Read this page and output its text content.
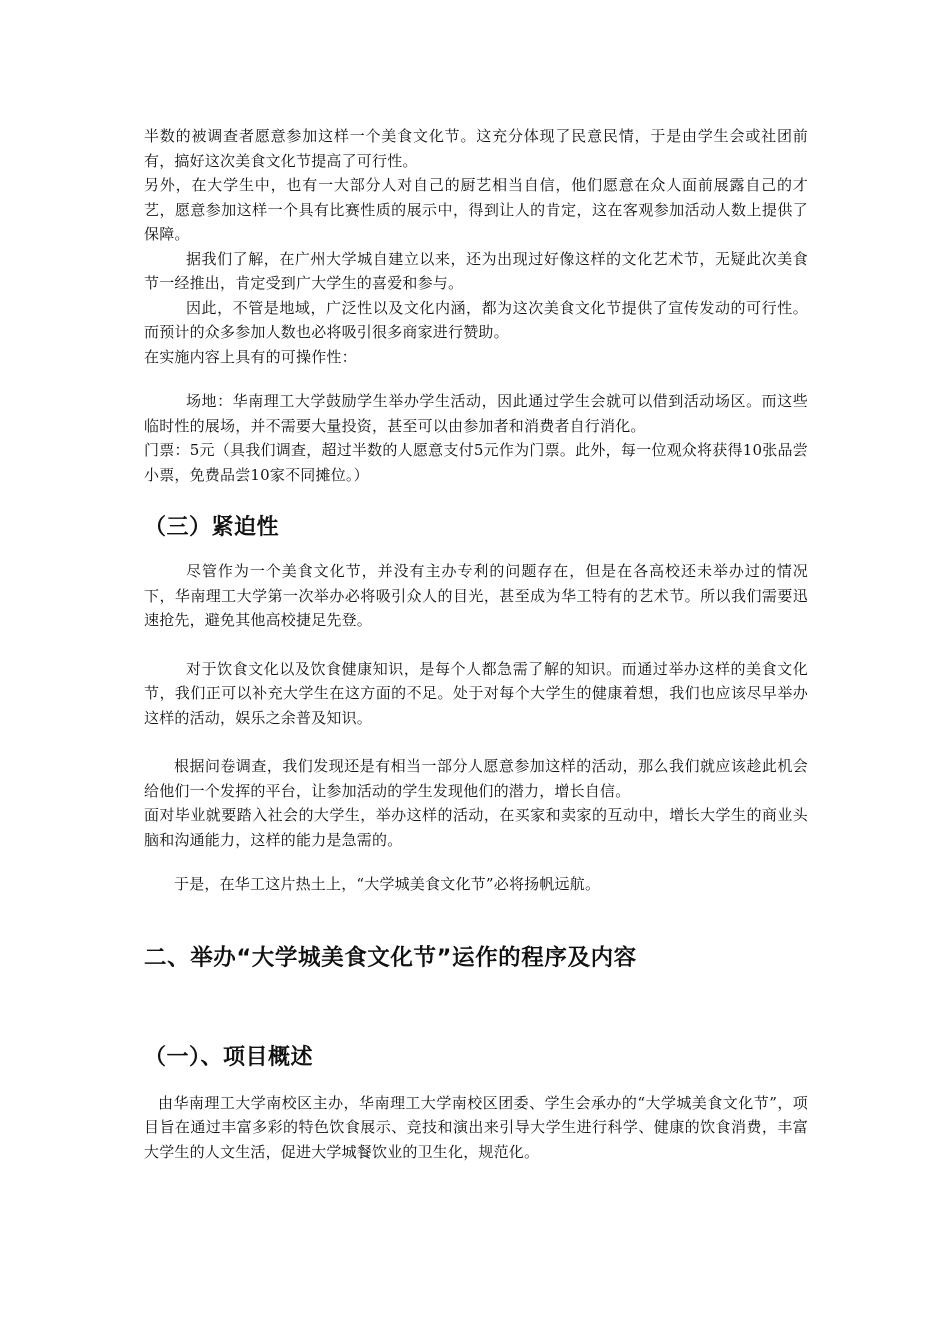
半数的被调查者愿意参加这样一个美食文化节。这充分体现了民意民情，于是由学生会或社团前有，搞好这次美食文化节提高了可行性。

另外，在大学生中，也有一大部分人对自己的厨艺相当自信，他们愿意在众人面前展露自己的才艺，愿意参加这样一个具有比赛性质的展示中，得到让人的肯定，这在客观参加活动人数上提供了保障。

据我们了解，在广州大学城自建立以来，还为出现过好像这样的文化艺术节，无疑此次美食节一经推出，肯定受到广大学生的喜爱和参与。

因此，不管是地域，广泛性以及文化内涵，都为这次美食文化节提供了宣传发动的可行性。而预计的众多参加人数也必将吸引很多商家进行赞助。

在实施内容上具有的可操作性：

场地：华南理工大学鼓励学生举办学生活动，因此通过学生会就可以借到活动场区。而这些临时性的展场，并不需要大量投资，甚至可以由参加者和消费者自行消化。

门票：5元（具我们调查，超过半数的人愿意支付5元作为门票。此外，每一位观众将获得10张品尝小票，免费品尝10家不同摊位。）

（三）紧迫性

尽管作为一个美食文化节，并没有主办专利的问题存在，但是在各高校还未举办过的情况下，华南理工大学第一次举办必将吸引众人的目光，甚至成为华工特有的艺术节。所以我们需要迅速抢先，避免其他高校捷足先登。

对于饮食文化以及饮食健康知识，是每个人都急需了解的知识。而通过举办这样的美食文化节，我们正可以补充大学生在这方面的不足。处于对每个大学生的健康着想，我们也应该尽早举办这样的活动，娱乐之余普及知识。

根据问卷调查，我们发现还是有相当一部分人愿意参加这样的活动，那么我们就应该趁此机会给他们一个发挥的平台，让参加活动的学生发现他们的潜力，增长自信。

面对毕业就要踏入社会的大学生，举办这样的活动，在买家和卖家的互动中，增长大学生的商业头脑和沟通能力，这样的能力是急需的。

于是，在华工这片热土上，“大学城美食文化节”必将扬帆远航。

二、举办“大学城美食文化节”运作的程序及内容
（一）、项目概述

由华南理工大学南校区主办，华南理工大学南校区团委、学生会承办的“大学城美食文化节”，项目旨在通过丰富多彩的特色饮食展示、竞技和演出来引导大学生进行科学、健康的饮食消费，丰富大学生的人文生活，促进大学城餐饮业的卫生化，规范化。
